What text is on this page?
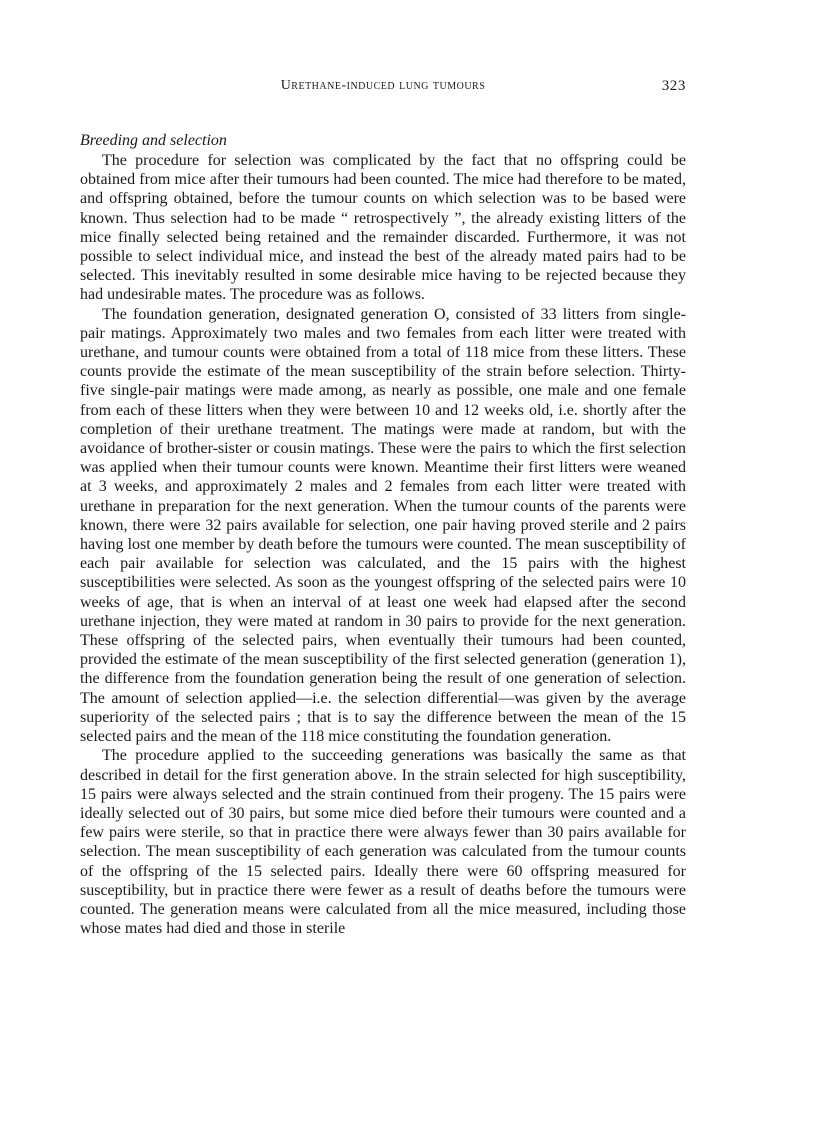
Urethane-induced lung tumours	323
Breeding and selection

The procedure for selection was complicated by the fact that no offspring could be obtained from mice after their tumours had been counted. The mice had therefore to be mated, and offspring obtained, before the tumour counts on which selection was to be based were known. Thus selection had to be made “ retrospectively ”, the already existing litters of the mice finally selected being retained and the remainder discarded. Furthermore, it was not possible to select individual mice, and instead the best of the already mated pairs had to be selected. This inevitably resulted in some desirable mice having to be rejected because they had undesirable mates. The procedure was as follows.

The foundation generation, designated generation O, consisted of 33 litters from single-pair matings. Approximately two males and two females from each litter were treated with urethane, and tumour counts were obtained from a total of 118 mice from these litters. These counts provide the estimate of the mean susceptibility of the strain before selection. Thirty-five single-pair matings were made among, as nearly as possible, one male and one female from each of these litters when they were between 10 and 12 weeks old, i.e. shortly after the completion of their urethane treatment. The matings were made at random, but with the avoidance of brother-sister or cousin matings. These were the pairs to which the first selection was applied when their tumour counts were known. Meantime their first litters were weaned at 3 weeks, and approximately 2 males and 2 females from each litter were treated with urethane in preparation for the next generation. When the tumour counts of the parents were known, there were 32 pairs available for selection, one pair having proved sterile and 2 pairs having lost one member by death before the tumours were counted. The mean susceptibility of each pair available for selection was calculated, and the 15 pairs with the highest susceptibilities were selected. As soon as the youngest offspring of the selected pairs were 10 weeks of age, that is when an interval of at least one week had elapsed after the second urethane injection, they were mated at random in 30 pairs to provide for the next generation. These offspring of the selected pairs, when eventually their tumours had been counted, provided the estimate of the mean susceptibility of the first selected generation (generation 1), the difference from the foundation generation being the result of one generation of selection. The amount of selection applied—i.e. the selection differential—was given by the average superiority of the selected pairs ; that is to say the difference between the mean of the 15 selected pairs and the mean of the 118 mice constituting the foundation generation.

The procedure applied to the succeeding generations was basically the same as that described in detail for the first generation above. In the strain selected for high susceptibility, 15 pairs were always selected and the strain continued from their progeny. The 15 pairs were ideally selected out of 30 pairs, but some mice died before their tumours were counted and a few pairs were sterile, so that in practice there were always fewer than 30 pairs available for selection. The mean susceptibility of each generation was calculated from the tumour counts of the offspring of the 15 selected pairs. Ideally there were 60 offspring measured for susceptibility, but in practice there were fewer as a result of deaths before the tumours were counted. The generation means were calculated from all the mice measured, including those whose mates had died and those in sterile
